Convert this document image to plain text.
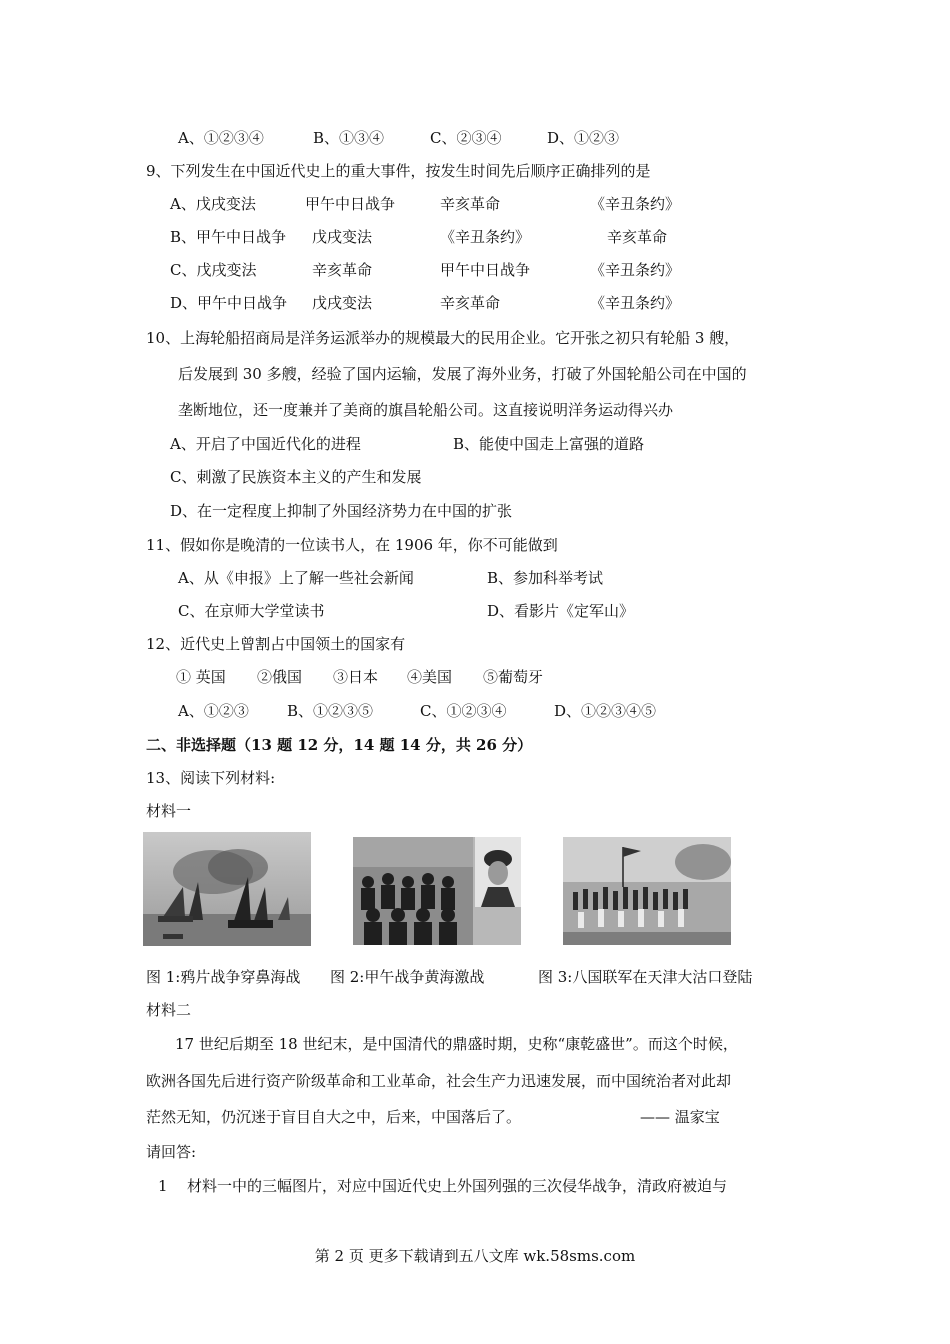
A、①②③④	B、①③④	C、②③④	D、①②③
9、下列发生在中国近代史上的重大事件，按发生时间先后顺序正确排列的是
A、戊戌变法	甲午中日战争	辛亥革命	《辛丑条约》
B、甲午中日战争 戊戌变法	《辛丑条约》	辛亥革命
C、戊戌变法	辛亥革命	甲午中日战争	《辛丑条约》
D、甲午中日战争 戊戌变法	辛亥革命	《辛丑条约》
10、上海轮船招商局是洋务运派举办的规模最大的民用企业。它开张之初只有轮船 3 艘，
后发展到 30 多艘，经验了国内运输，发展了海外业务，打破了外国轮船公司在中国的
垄断地位，还一度兼并了美商的旗昌轮船公司。这直接说明洋务运动得兴办
A、开启了中国近代化的进程	B、能使中国走上富强的道路
C、刺激了民族资本主义的产生和发展
D、在一定程度上抑制了外国经济势力在中国的扩张
11、假如你是晚清的一位读书人，在 1906 年，你不可能做到
A、从《申报》上了解一些社会新闻	B、参加科举考试
C、在京师大学堂读书	D、看影片《定军山》
12、近代史上曾割占中国领土的国家有
① 英国 ②俄国 ③日本 ④美国 ⑤葡萄牙
A、①②③	B、①②③⑤	C、①②③④	D、①②③④⑤
二、非选择题（13 题 12 分，14 题 14 分，共 26 分）
13、阅读下列材料:
材料一
图 1:鸦片战争穿鼻海战 图 2:甲午战争黄海激战	图 3:八国联军在天津大沽口登陆
材料二
17 世纪后期至 18 世纪末，是中国清代的鼎盛时期，史称“康乾盛世”。而这个时候，
欧洲各国先后进行资产阶级革命和工业革命，社会生产力迅速发展，而中国统治者对此却
茫然无知，仍沉迷于盲目自大之中，后来，中国落后了。	—— 温家宝
请回答:
1 材料一中的三幅图片，对应中国近代史上外国列强的三次侵华战争，清政府被迫与
第 2 页 更多下载请到五八文库 wk.58sms.com
